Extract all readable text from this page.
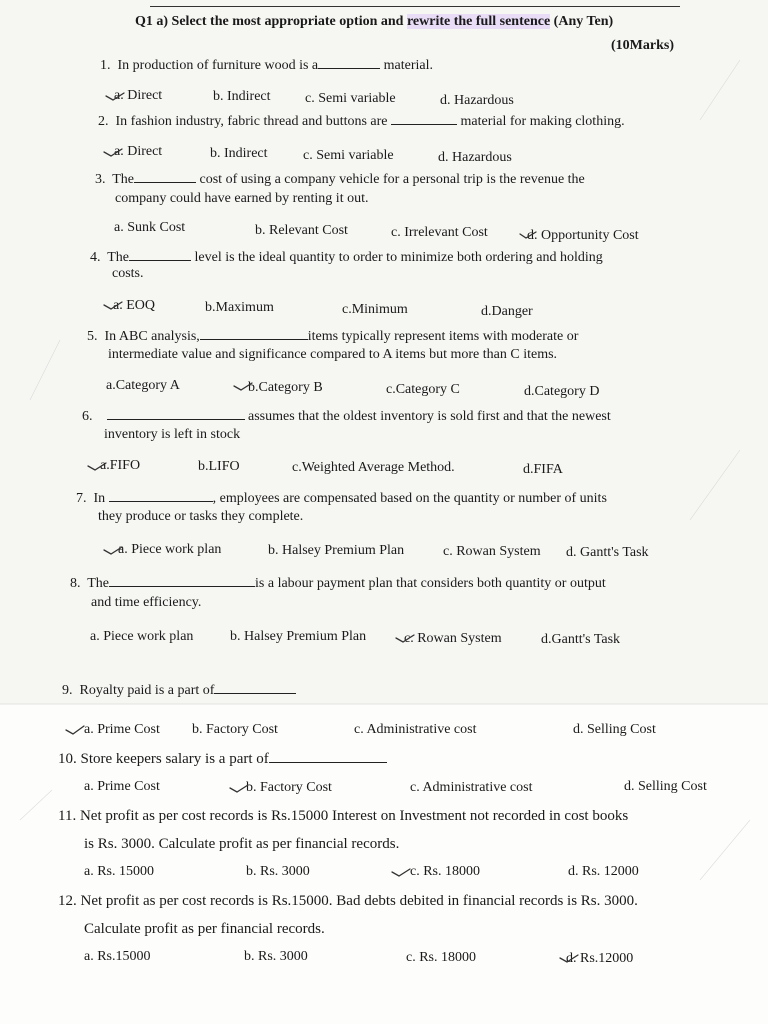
Q1 a) Select the most appropriate option and rewrite the full sentence (Any Ten)
(10Marks)
1. In production of furniture wood is a	material.
a. Direct	b. Indirect c. Semi variable	d. Hazardous
2. In fashion industry, fabric thread and buttons are	material for making clothing.
a. Direct	b. Indirect	c. Semi variable	d. Hazardous
3. The	cost of using a company vehicle for a personal trip is the revenue the
company could have earned by renting it out.
a. Sunk Cost	b. Relevant Cost	c. Irrelevant Cost	d. Opportunity Cost
4. The	level is the ideal quantity to order to minimize both ordering and holding
costs.
a. EOQ	b.Maximum	c.Minimum	d.Danger
5. In ABC analysis,	items typically represent items with moderate or
intermediate value and significance compared to A items but more than C items.
a.Category A	b.Category B	c.Category C	d.Category D
6.	assumes that the oldest inventory is sold first and that the newest
inventory is left in stock
a.FIFO	b.LIFO	c.Weighted Average Method.	d.FIFA
7. In	, employees are compensated based on the quantity or number of units
they produce or tasks they complete.
a. Piece work plan	b. Halsey Premium Plan	c. Rowan System d. Gantt's Task
8. The	is a labour payment plan that considers both quantity or output
and time efficiency.
a. Piece work plan	b. Halsey Premium Plan	c. Rowan System	d.Gantt's Task
9. Royalty paid is a part of
a. Prime Cost b. Factory Cost	c. Administrative cost	d. Selling Cost
10. Store keepers salary is a part of
a. Prime Cost	b. Factory Cost	c. Administrative cost	d. Selling Cost
11. Net profit as per cost records is Rs.15000 Interest on Investment not recorded in cost books
is Rs. 3000. Calculate profit as per financial records.
a. Rs. 15000	b. Rs. 3000	c. Rs. 18000	d. Rs. 12000
12. Net profit as per cost records is Rs.15000. Bad debts debited in financial records is Rs. 3000.
Calculate profit as per financial records.
a. Rs.15000	b. Rs. 3000	c. Rs. 18000	d. Rs.12000
